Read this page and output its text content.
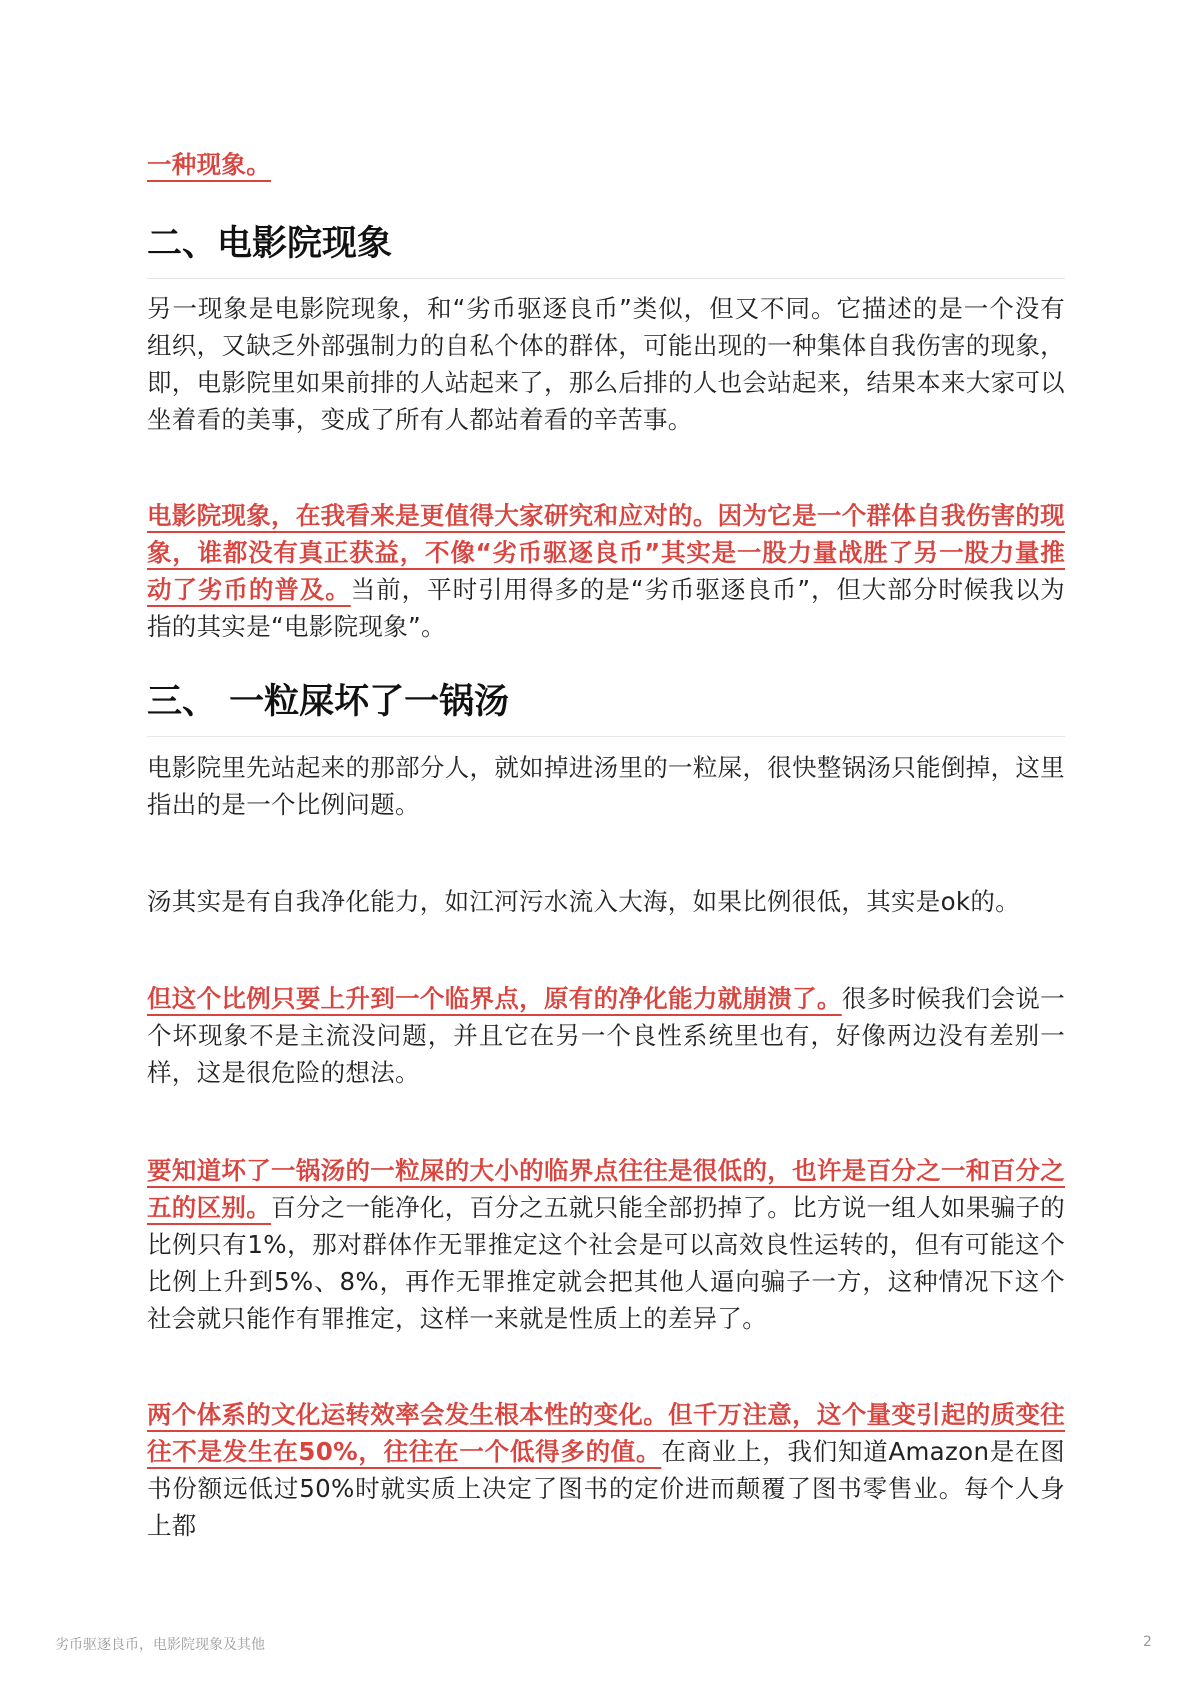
一种现象。
二、电影院现象
另一现象是电影院现象，和“劣币驱逐良币”类似，但又不同。它描述的是一个没有组织，又缺乏外部强制力的自私个体的群体，可能出现的一种集体自我伤害的现象，即，电影院里如果前排的人站起来了，那么后排的人也会站起来，结果本来大家可以坐着看的美事，变成了所有人都站着看的辛苦事。
电影院现象，在我看来是更值得大家研究和应对的。因为它是一个群体自我伤害的现象，谁都没有真正获益，不像“劣币驱逐良币”其实是一股力量战胜了另一股力量推动了劣币的普及。当前，平时引用得多的是“劣币驱逐良币”，但大部分时候我以为指的其实是“电影院现象”。
三、 一粒屎坏了一锅汤
电影院里先站起来的那部分人，就如掉进汤里的一粒屎，很快整锅汤只能倒掉，这里指出的是一个比例问题。
汤其实是有自我净化能力，如江河污水流入大海，如果比例很低，其实是ok的。
但这个比例只要上升到一个临界点，原有的净化能力就崩溃了。很多时候我们会说一个坏现象不是主流没问题，并且它在另一个良性系统里也有，好像两边没有差别一样，这是很危险的想法。
要知道坏了一锅汤的一粒屎的大小的临界点往往是很低的，也许是百分之一和百分之五的区别。百分之一能净化，百分之五就只能全部扔掉了。比方说一组人如果骗子的比例只有1%，那对群体作无罪推定这个社会是可以高效良性运转的，但有可能这个比例上升到5%、8%，再作无罪推定就会把其他人逼向骗子一方，这种情况下这个社会就只能作有罪推定，这样一来就是性质上的差异了。
两个体系的文化运转效率会发生根本性的变化。但千万注意，这个量变引起的质变往往不是发生在50%，往往在一个低得多的值。在商业上，我们知道Amazon是在图书份额远低过50%时就实质上决定了图书的定价进而颠覆了图书零售业。每个人身上都
劣币驱逐良币，电影院现象及其他	2
